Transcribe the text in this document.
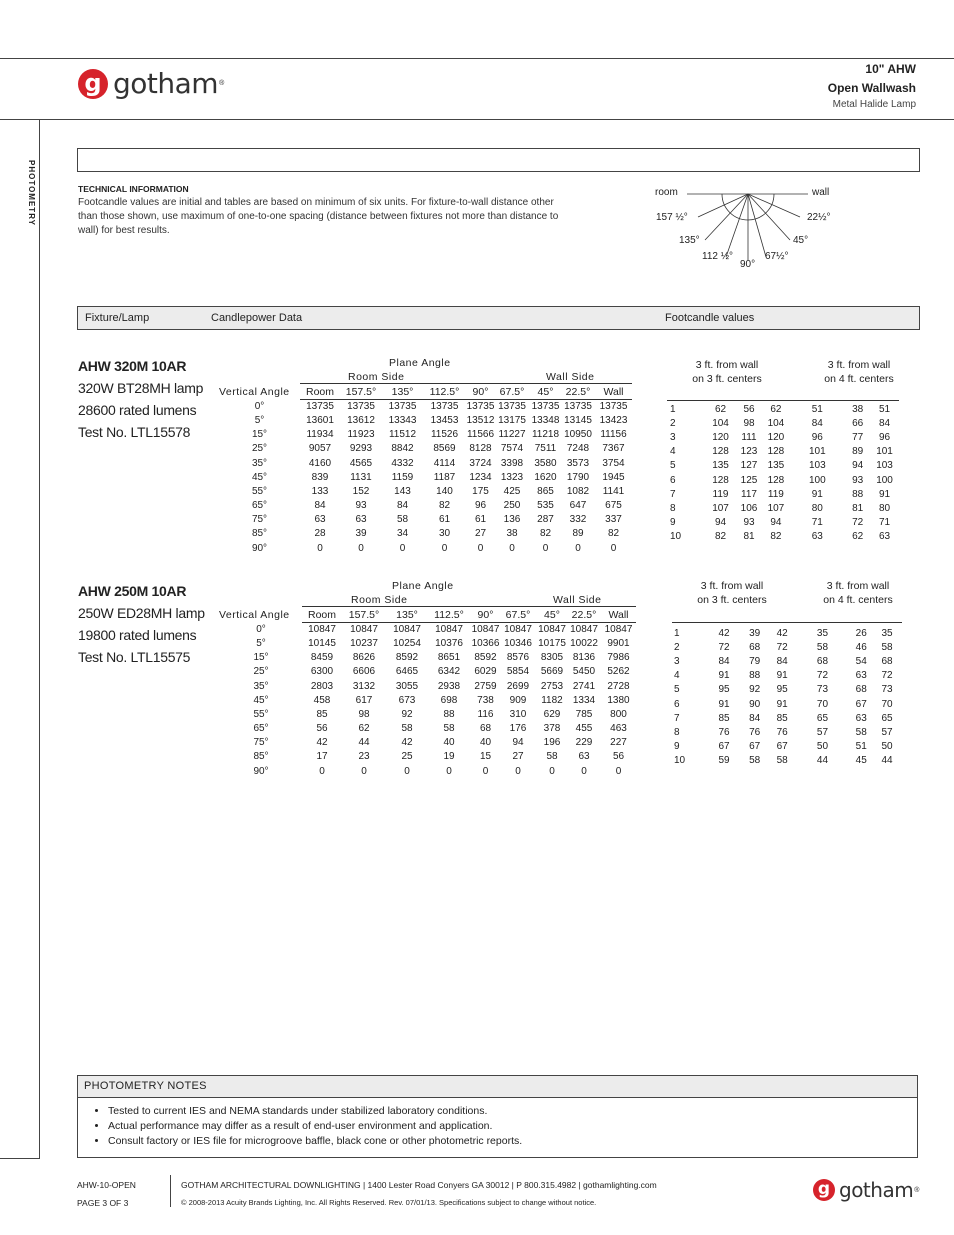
g gotham ®
10" AHW
Open Wallwash
Metal Halide Lamp
PHOTOMETRY	TECHNICAL INFORMATION
Footcandle values are initial and tables are based on minimum of six units. For fixture-to-wall distance other than those shown, use maximum of one-to-one spacing (distance between fixtures not more than distance to wall) for best results.
room	wall
157 ½°
135°
112 ½°
90°
67½°
45°
22½°
Fixture/Lamp	Candlepower Data	Footcandle values
AHW 320M 10AR
320W BT28MH lamp
28600 rated lumens
Test No. LTL15578
Plane Angle
Room Side	Wall Side
Vertical Angle
	Room	157.5°	135°	112.5°	90°	67.5°	45°	22.5°	Wall
0°	13735	13735	13735	13735	13735	13735	13735	13735	13735
5°	13601	13612	13343	13453	13512	13175	13348	13145	13423
15°	11934	11923	11512	11526	11566	11227	11218	10950	11156
25°	9057	9293	8842	8569	8128	7574	7511	7248	7367
35°	4160	4565	4332	4114	3724	3398	3580	3573	3754
45°	839	1131	1159	1187	1234	1323	1620	1790	1945
55°	133	152	143	140	175	425	865	1082	1141
65°	84	93	84	82	96	250	535	647	675
75°	63	63	58	61	61	136	287	332	337
85°	28	39	34	30	27	38	82	89	82
90°	0	0	0	0	0	0	0	0	0
3 ft. from wall
on 3 ft. centers
3 ft. from wall
on 4 ft. centers
1	62	56	62	51	38	51
2	104	98	104	84	66	84
3	120	111	120	96	77	96
4	128	123	128	101	89	101
5	135	127	135	103	94	103
6	128	125	128	100	93	100
7	119	117	119	91	88	91
8	107	106	107	80	81	80
9	94	93	94	71	72	71
10	82	81	82	63	62	63
AHW 250M 10AR
250W ED28MH lamp
19800 rated lumens
Test No. LTL15575
Plane Angle
Room Side	Wall Side
Vertical Angle
	Room	157.5°	135°	112.5°	90°	67.5°	45°	22.5°	Wall
0°	10847	10847	10847	10847	10847	10847	10847	10847	10847
5°	10145	10237	10254	10376	10366	10346	10175	10022	9901
15°	8459	8626	8592	8651	8592	8576	8305	8136	7986
25°	6300	6606	6465	6342	6029	5854	5669	5450	5262
35°	2803	3132	3055	2938	2759	2699	2753	2741	2728
45°	458	617	673	698	738	909	1182	1334	1380
55°	85	98	92	88	116	310	629	785	800
65°	56	62	58	58	68	176	378	455	463
75°	42	44	42	40	40	94	196	229	227
85°	17	23	25	19	15	27	58	63	56
90°	0	0	0	0	0	0	0	0	0
3 ft. from wall
on 3 ft. centers
3 ft. from wall
on 4 ft. centers
1	42	39	42	35	26	35
2	72	68	72	58	46	58
3	84	79	84	68	54	68
4	91	88	91	72	63	72
5	95	92	95	73	68	73
6	91	90	91	70	67	70
7	85	84	85	65	63	65
8	76	76	76	57	58	57
9	67	67	67	50	51	50
10	59	58	58	44	45	44
PHOTOMETRY NOTES
• Tested to current IES and NEMA standards under stabilized laboratory conditions.
• Actual performance may differ as a result of end-user environment and application.
• Consult factory or IES file for microgroove baffle, black cone or other photometric reports.
AHW-10-OPEN
PAGE 3 OF 3
GOTHAM ARCHITECTURAL DOWNLIGHTING | 1400 Lester Road Conyers GA 30012 | P 800.315.4982 | gothamlighting.com
© 2008-2013 Acuity Brands Lighting, Inc. All Rights Reserved. Rev. 07/01/13. Specifications subject to change without notice.
g gotham ®
